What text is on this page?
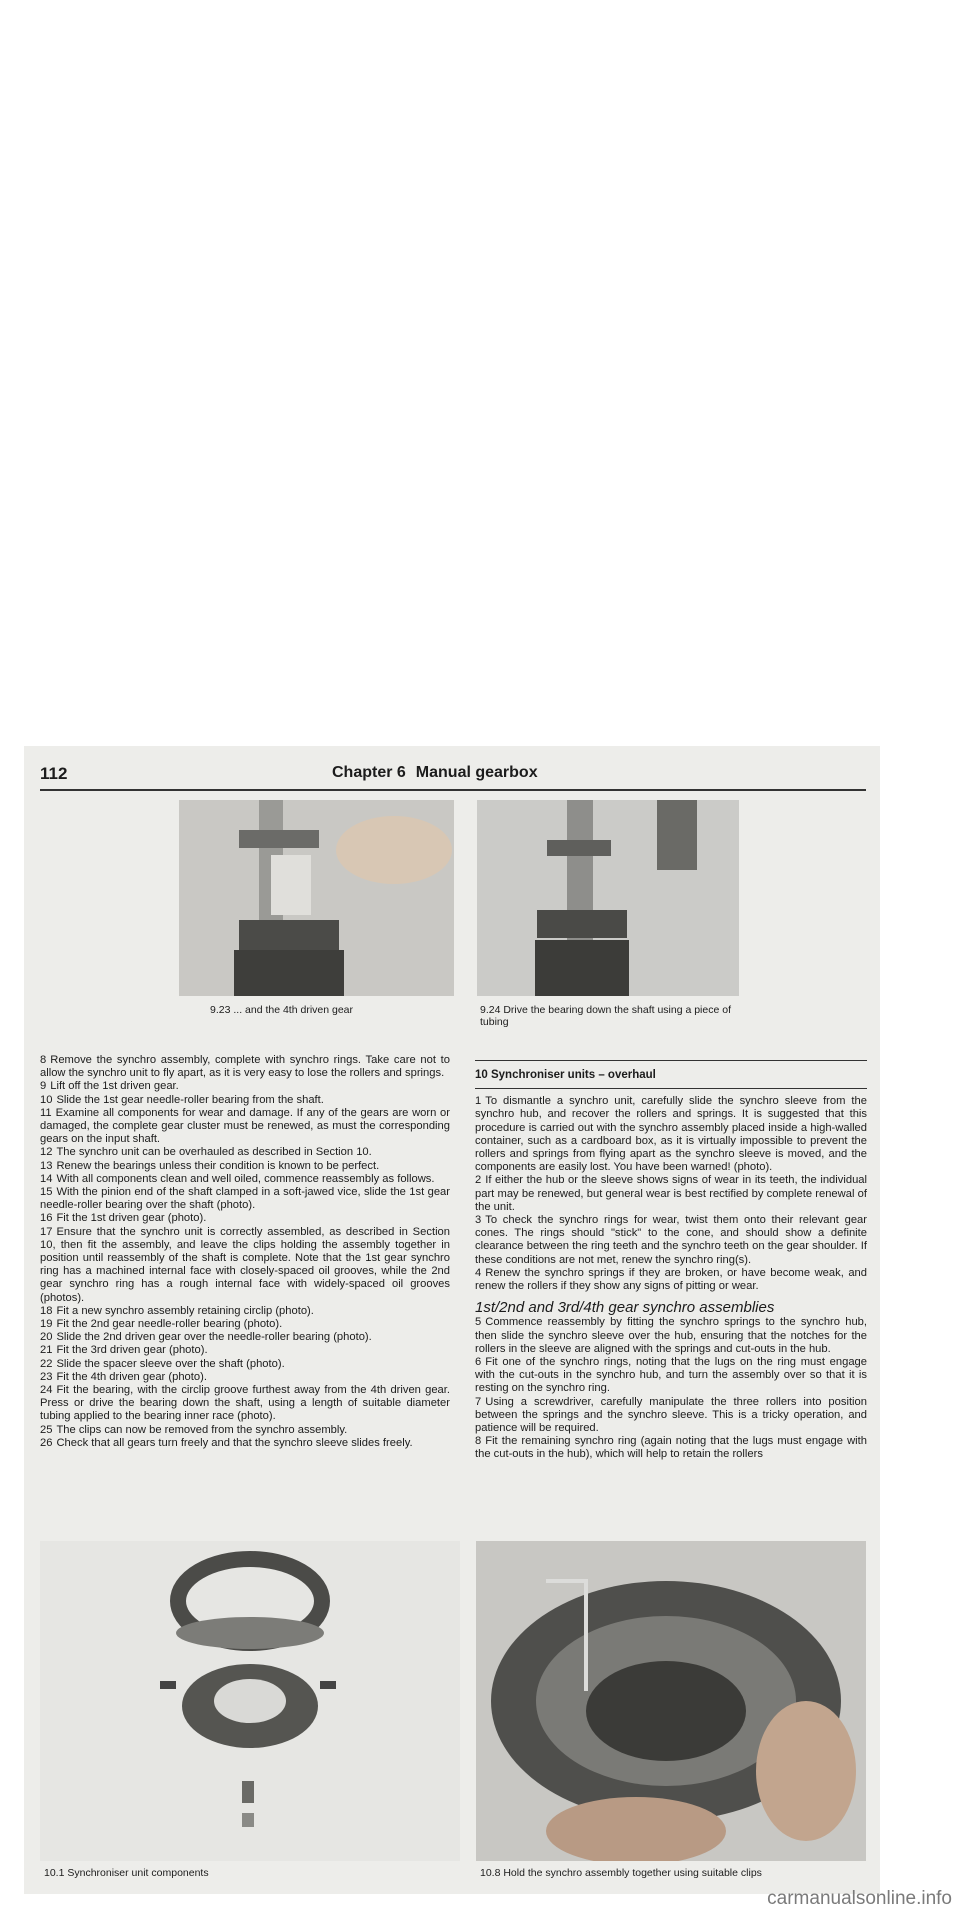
112	Chapter 6 Manual gearbox
9.23 ... and the 4th driven gear	9.24 Drive the bearing down the shaft using a piece of tubing

8 Remove the synchro assembly, complete with synchro rings. Take care not to allow the synchro unit to fly apart, as it is very easy to lose the rollers and springs.

9 Lift off the 1st driven gear.

10 Slide the 1st gear needle-roller bearing from the shaft.

11 Examine all components for wear and damage. If any of the gears are worn or damaged, the complete gear cluster must be renewed, as must the corresponding gears on the input shaft.

12 The synchro unit can be overhauled as described in Section 10.

13 Renew the bearings unless their condition is known to be perfect.

14 With all components clean and well oiled, commence reassembly as follows.

15 With the pinion end of the shaft clamped in a soft-jawed vice, slide the 1st gear needle-roller bearing over the shaft (photo).

16 Fit the 1st driven gear (photo).

17 Ensure that the synchro unit is correctly assembled, as described in Section 10, then fit the assembly, and leave the clips holding the assembly together in position until reassembly of the shaft is complete. Note that the 1st gear synchro ring has a machined internal face with closely-spaced oil grooves, while the 2nd gear synchro ring has a rough internal face with widely-spaced oil grooves (photos).

18 Fit a new synchro assembly retaining circlip (photo).

19 Fit the 2nd gear needle-roller bearing (photo).

20 Slide the 2nd driven gear over the needle-roller bearing (photo).

21 Fit the 3rd driven gear (photo).

22 Slide the spacer sleeve over the shaft (photo).

23 Fit the 4th driven gear (photo).

24 Fit the bearing, with the circlip groove furthest away from the 4th driven gear. Press or drive the bearing down the shaft, using a length of suitable diameter tubing applied to the bearing inner race (photo).

25 The clips can now be removed from the synchro assembly.

26 Check that all gears turn freely and that the synchro sleeve slides freely.

10 Synchroniser units – overhaul

1 To dismantle a synchro unit, carefully slide the synchro sleeve from the synchro hub, and recover the rollers and springs. It is suggested that this procedure is carried out with the synchro assembly placed inside a high-walled container, such as a cardboard box, as it is virtually impossible to prevent the rollers and springs from flying apart as the synchro sleeve is moved, and the components are easily lost. You have been warned! (photo).

2 If either the hub or the sleeve shows signs of wear in its teeth, the individual part may be renewed, but general wear is best rectified by complete renewal of the unit.

3 To check the synchro rings for wear, twist them onto their relevant gear cones. The rings should "stick" to the cone, and should show a definite clearance between the ring teeth and the synchro teeth on the gear shoulder. If these conditions are not met, renew the synchro ring(s).

4 Renew the synchro springs if they are broken, or have become weak, and renew the rollers if they show any signs of pitting or wear.

1st/2nd and 3rd/4th gear synchro assemblies

5 Commence reassembly by fitting the synchro springs to the synchro hub, then slide the synchro sleeve over the hub, ensuring that the notches for the rollers in the sleeve are aligned with the springs and cut-outs in the hub.

6 Fit one of the synchro rings, noting that the lugs on the ring must engage with the cut-outs in the synchro hub, and turn the assembly over so that it is resting on the synchro ring.

7 Using a screwdriver, carefully manipulate the three rollers into position between the springs and the synchro sleeve. This is a tricky operation, and patience will be required.

8 Fit the remaining synchro ring (again noting that the lugs must engage with the cut-outs in the hub), which will help to retain the rollers

10.1 Synchroniser unit components	10.8 Hold the synchro assembly together using suitable clips
carmanualsonline.info
